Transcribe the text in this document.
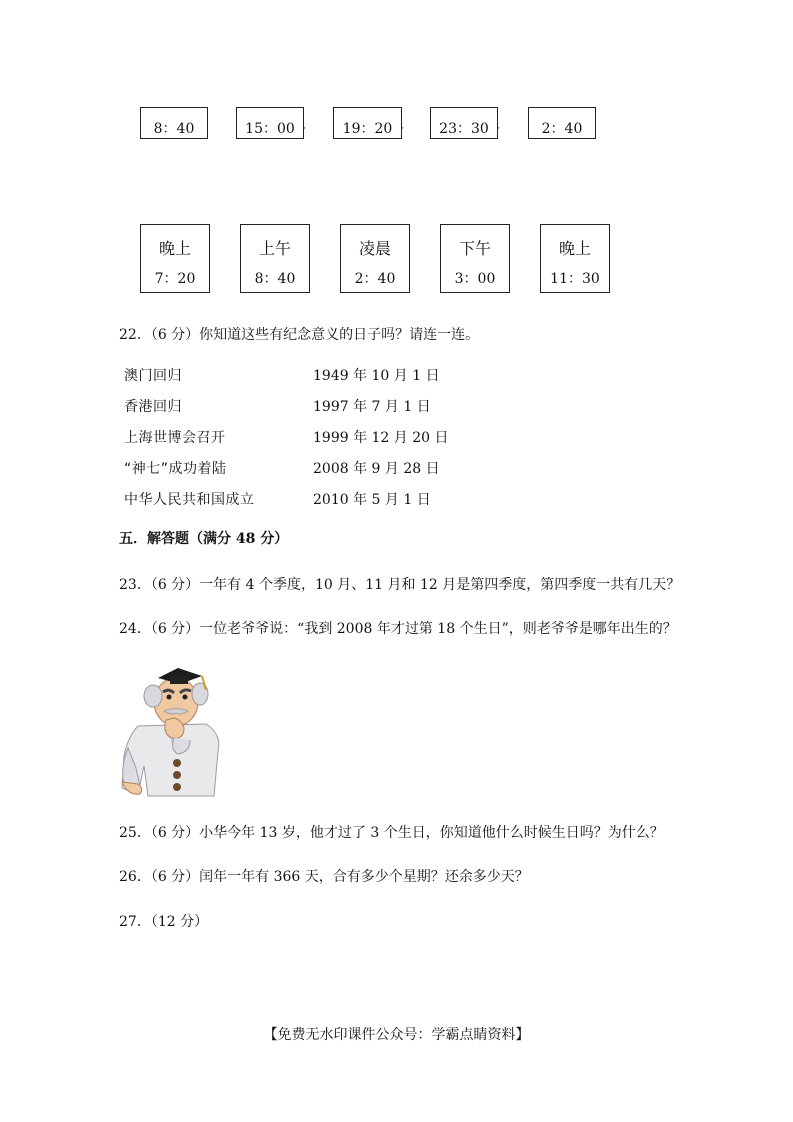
8：40	15：00 ‚	19：20 ‚	23：30 ‚	2：40
晚上
7：20
上午
8：40
凌晨
2：40
下午
3：00
晚上
11：30
22．（6 分）你知道这些有纪念意义的日子吗？请连一连。
澳门回归
香港回归
上海世博会召开
“神七”成功着陆
中华人民共和国成立
1949 年 10 月 1 日
1997 年 7 月 1 日
1999 年 12 月 20 日
2008 年 9 月 28 日
2010 年 5 月 1 日
五．解答题（满分 48 分）
23．（6 分）一年有 4 个季度，10 月、11 月和 12 月是第四季度，第四季度一共有几天？
24．（6 分）一位老爷爷说：“我到 2008 年才过第 18 个生日”，则老爷爷是哪年出生的？
25．（6 分）小华今年 13 岁，他才过了 3 个生日，你知道他什么时候生日吗？为什么？
26．（6 分）闰年一年有 366 天，合有多少个星期？还余多少天？
27．（12 分）
【免费无水印课件公众号：学霸点睛资料】
